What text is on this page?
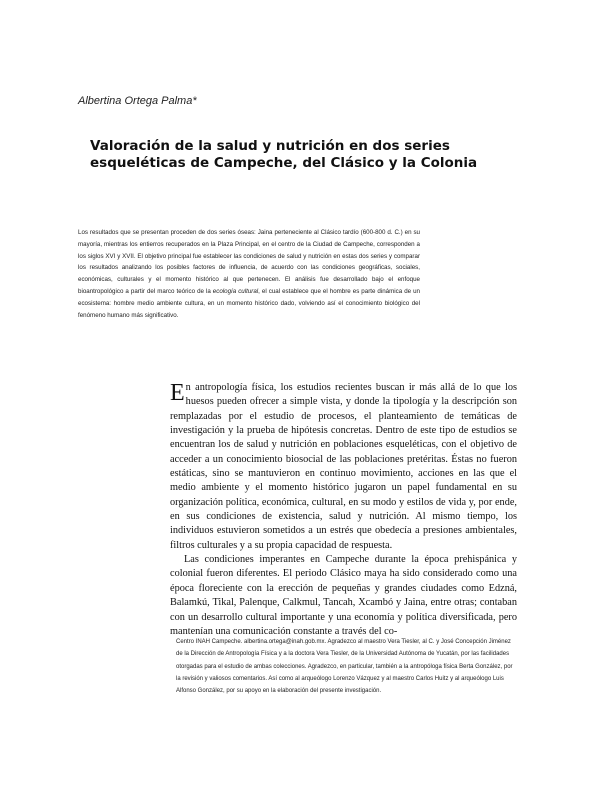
Albertina Ortega Palma*
Valoración de la salud y nutrición en dos series
esqueléticas de Campeche, del Clásico y la Colonia

Los resultados que se presentan proceden de dos series óseas: Jaina perteneciente al Clásico tardío (600-800 d. C.) en su mayoría, mientras los entierros recuperados en la Plaza Principal, en el centro de la Ciudad de Campeche, corresponden a los siglos XVI y XVII. El objetivo principal fue establecer las condiciones de salud y nutrición en estas dos series y comparar los resultados analizando los posibles factores de influencia, de acuerdo con las condiciones geográficas, sociales, económicas, culturales y el momento histórico al que pertenecen. El análisis fue desarrollado bajo el enfoque bioantropológico a partir del marco teórico de la ecología cultural, el cual establece que el hombre es parte dinámica de un ecosistema: hombre medio ambiente cultura, en un momento histórico dado, volviendo así el conocimiento biológico del fenómeno humano más significativo.

En antropología física, los estudios recientes buscan ir más allá de lo que los huesos pueden ofrecer a simple vista, y donde la tipología y la descripción son remplazadas por el estudio de procesos, el planteamiento de temáticas de investigación y la prueba de hipótesis concretas. Dentro de este tipo de estudios se encuentran los de salud y nutrición en poblaciones esqueléticas, con el objetivo de acceder a un conocimiento biosocial de las poblaciones pretéritas. Éstas no fueron estáticas, sino se mantuvieron en continuo movimiento, acciones en las que el medio ambiente y el momento histórico jugaron un papel fundamental en su organización política, económica, cultural, en su modo y estilos de vida y, por ende, en sus condiciones de existencia, salud y nutrición. Al mismo tiempo, los individuos estuvieron sometidos a un estrés que obedecía a presiones ambientales, filtros culturales y a su propia capacidad de respuesta.

Las condiciones imperantes en Campeche durante la época prehispánica y colonial fueron diferentes. El periodo Clásico maya ha sido considerado como una época floreciente con la erección de pequeñas y grandes ciudades como Edzná, Balamkú, Tikal, Palenque, Calkmul, Tancah, Xcambó y Jaina, entre otras; contaban con un desarrollo cultural importante y una economía y política diversificada, pero mantenían una comunicación constante a través del co-

Centro INAH Campeche. albertina.ortega@inah.gob.mx. Agradezco al maestro Vera Tiesler, al C. y José Concepción Jiménez de la Dirección de Antropología Física y a la doctora Vera Tiesler, de la Universidad Autónoma de Yucatán, por las facilidades otorgadas para el estudio de ambas colecciones. Agradezco, en particular, también a la antropóloga física Berta González, por la revisión y valiosos comentarios. Así como al arqueólogo Lorenzo Vázquez y al maestro Carlos Huitz y al arqueólogo Luis Alfonso González, por su apoyo en la elaboración del presente investigación.
